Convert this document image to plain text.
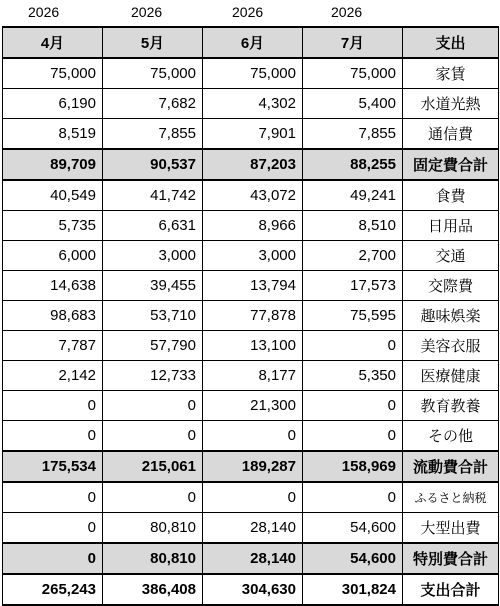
2026	2026	2026	2026
4月	5月	6月	7月	支出
75,000	75,000	75,000	75,000	家賃
6,190	7,682	4,302	5,400	水道光熱
8,519	7,855	7,901	7,855	通信費
89,709	90,537	87,203	88,255	固定費合計
40,549	41,742	43,072	49,241	食費
5,735	6,631	8,966	8,510	日用品
6,000	3,000	3,000	2,700	交通
14,638	39,455	13,794	17,573	交際費
98,683	53,710	77,878	75,595	趣味娯楽
7,787	57,790	13,100	0	美容衣服
2,142	12,733	8,177	5,350	医療健康
0	0	21,300	0	教育教養
0	0	0	0	その他
175,534	215,061	189,287	158,969	流動費合計
0	0	0	0	ふるさと納税
0	80,810	28,140	54,600	大型出費
0	80,810	28,140	54,600	特別費合計
265,243	386,408	304,630	301,824	支出合計
